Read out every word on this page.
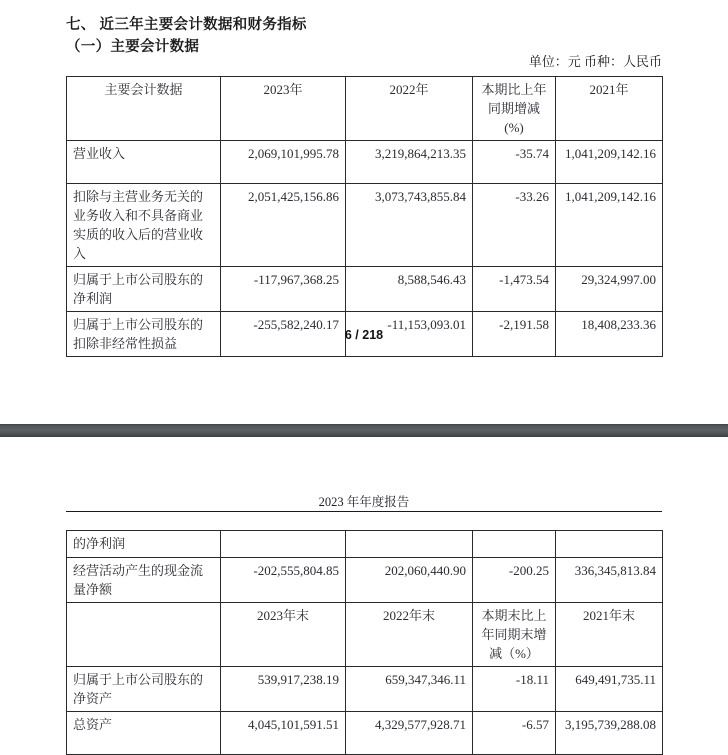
七、 近三年主要会计数据和财务指标
（一）主要会计数据
单位：元 币种：人民币
主要会计数据	2023年	2022年	本期比上年同期增减(%)	2021年
营业收入	2,069,101,995.78	3,219,864,213.35	-35.74	1,041,209,142.16
扣除与主营业务无关的业务收入和不具备商业实质的收入后的营业收入	2,051,425,156.86	3,073,743,855.84	-33.26	1,041,209,142.16
归属于上市公司股东的净利润	-117,967,368.25	8,588,546.43	-1,473.54	29,324,997.00
归属于上市公司股东的扣除非经常性损益	-255,582,240.17	-11,153,093.01	-2,191.58	18,408,233.36
6 / 218
2023 年年度报告
的净利润				
经营活动产生的现金流量净额	-202,555,804.85	202,060,440.90	-200.25	336,345,813.84
	2023年末	2022年末	本期末比上年同期末增减（%）	2021年末
归属于上市公司股东的净资产	539,917,238.19	659,347,346.11	-18.11	649,491,735.11
总资产	4,045,101,591.51	4,329,577,928.71	-6.57	3,195,739,288.08
